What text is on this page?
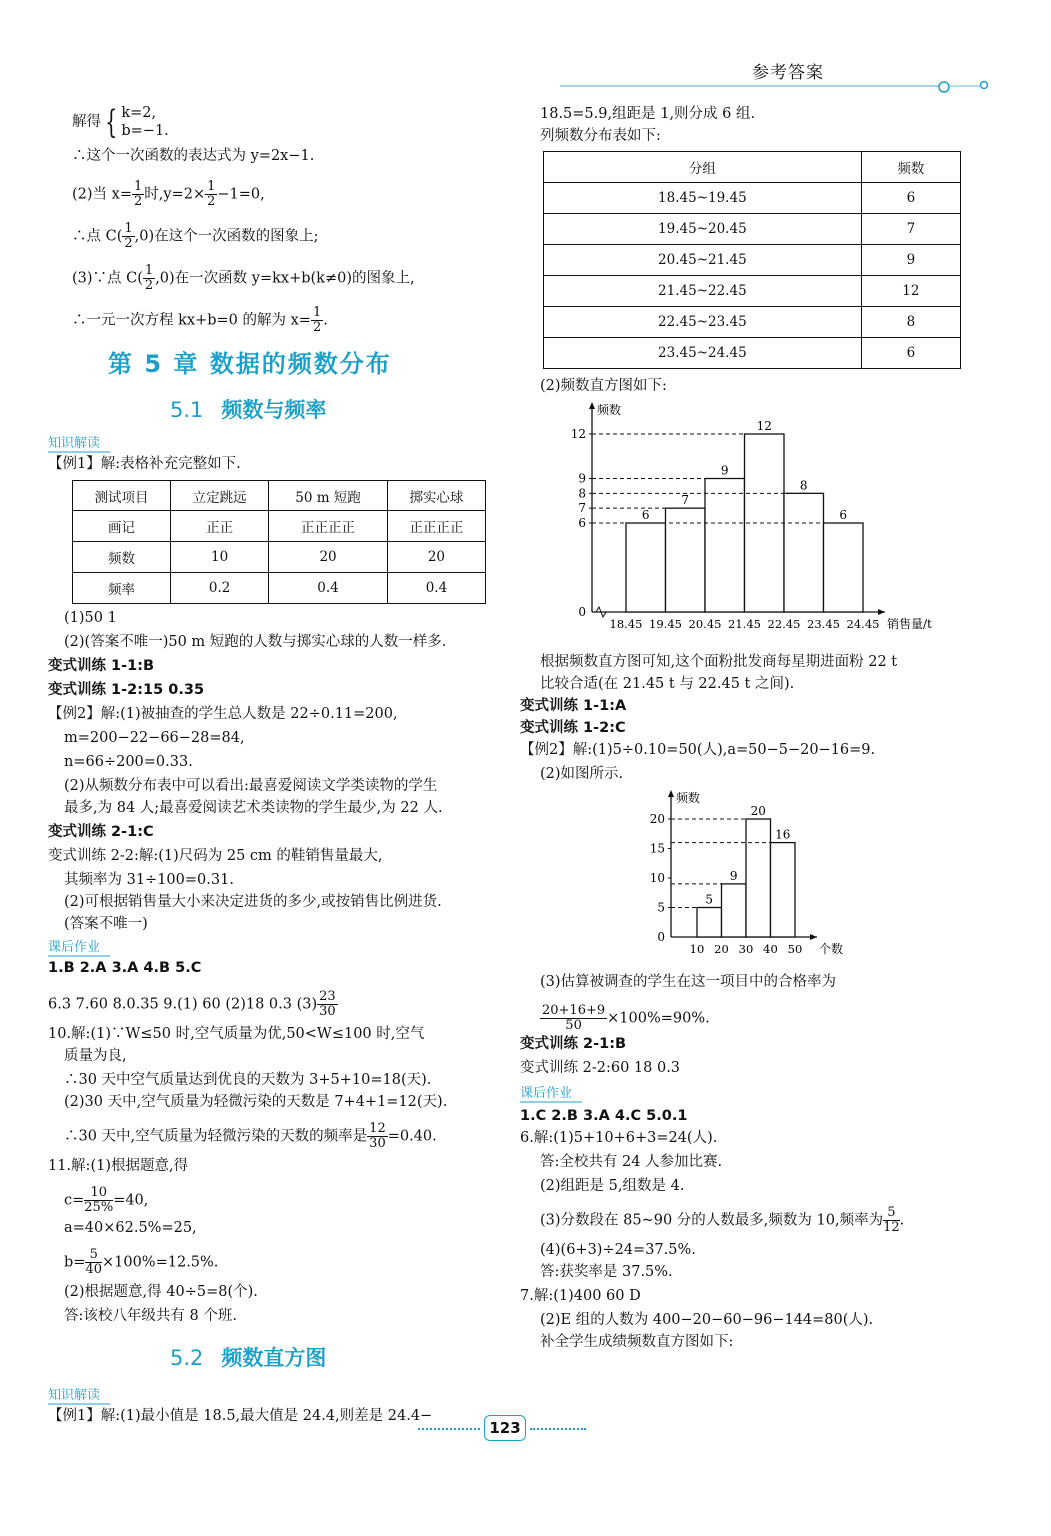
参考答案
解得 { k=2,
b=−1.
∴这个一次函数的表达式为 y=2x−1.
(2)当 $x= \frac{1}{2}$ 时$,y=2\times \frac{1}{2} -1=0$,
∴点 $C( \frac{1}{2} ,0)$在这个一次函数的图象上;
(3)∵点 $C( \frac{1}{2} ,0)$在一次函数 y=kx+b(k≠0)的图象上,
∴一元一次方程 kx+b=0 的解为 $x= \frac{1}{2}$ .
第 5 章 数据的频数分布
5.1 频数与频率
知识解读
【例1】解:表格补充完整如下.
测试项目	立定跳远	50 m 短跑	掷实心球
画记	正正	正正正正	正正正正
频数	10	20	20
频率	0.2	0.4	0.4
(1)50 1
(2)(答案不唯一)50 m 短跑的人数与掷实心球的人数一样多.
变式训练 1-1:B
变式训练 1-2:15 0.35
【例2】解:(1)被抽查的学生总人数是 22÷0.11=200,
m=200−22−66−28=84,
n=66÷200=0.33.
(2)从频数分布表中可以看出:最喜爱阅读文学类读物的学生
最多,为 84 人;最喜爱阅读艺术类读物的学生最少,为 22 人.
变式训练 2-1:C
变式训练 2-2:解:(1)尺码为 25 cm 的鞋销售量最大,
其频率为 31÷100=0.31.
(2)可根据销售量大小来决定进货的多少,或按销售比例进货.
(答案不唯一)
课后作业
1.B 2.A 3.A 4.B 5.C
6.3 7.60 8.0.35 9.(1) 60 (2)18 0.3 $(3) \frac{23}{30}$
10.解:(1)∵W≤50 时,空气质量为优,50<W≤100 时,空气
质量为良,
∴30 天中空气质量达到优良的天数为 3+5+10=18(天).
(2)30 天中,空气质量为轻微污染的天数是 7+4+1=12(天).
∴30 天中,空气质量为轻微污染的天数的频率是 $\frac{12}{30} =0.40$.
11.解:(1)根据题意,得
$c= \frac{10}{25\%} =40$,
a=40×62.5%=25,
$b= \frac{5}{40} \times 100\%=12.5\%$.
(2)根据题意,得 40÷5=8(个).
答:该校八年级共有 8 个班.
5.2 频数直方图
知识解读
【例1】解:(1)最小值是 18.5,最大值是 24.4,则差是 24.4−
18.5=5.9,组距是 1,则分成 6 组.
列频数分布表如下:
分组	频数
18.45~19.45	6
19.45~20.45	7
20.45~21.45	9
21.45~22.45	12
22.45~23.45	8
23.45~24.45	6
(2)频数直方图如下:
频数
销售量/t
0
6
7
8
9
12
6
7
9
12
8
6
18.45 19.45 20.45 21.45 22.45 23.45 24.45
根据频数直方图可知,这个面粉批发商每星期进面粉 22 t
比较合适(在 21.45 t 与 22.45 t 之间).
变式训练 1-1:A
变式训练 1-2:C
【例2】解:(1)5÷0.10=50(人),a=50−5−20−16=9.
(2)如图所示.
频数
个数
0
5
10
15
20
5
9
20
16
10 20 30 40 50
(3)估算被调查的学生在这一项目中的合格率为
$\frac{20+16+9}{50} \times 100\%=90\%$.
变式训练 2-1:B
变式训练 2-2:60 18 0.3
课后作业
1.C 2.B 3.A 4.C 5.0.1
6.解:(1)5+10+6+3=24(人).
答:全校共有 24 人参加比赛.
(2)组距是 5,组数是 4.
(3)分数段在 85~90 分的人数最多,频数为 10,频率为 $\frac{5}{12}$ .
(4)(6+3)÷24=37.5%.
答:获奖率是 37.5%.
7.解:(1)400 60 D
(2)E 组的人数为 400−20−60−96−144=80(人).
补全学生成绩频数直方图如下:
123
